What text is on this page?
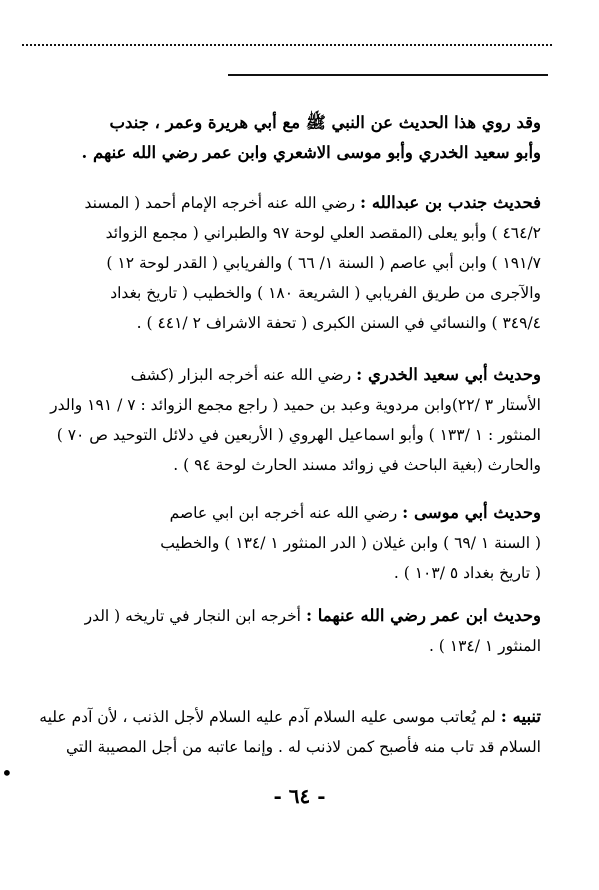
وقد روي هذا الحديث عن النبي ﷺ مع أبي هريرة وعمر ، جندب
وأبو سعيد الخدري وأبو موسى الاشعري وابن عمر رضي الله عنهم .
فحديث جندب بن عبدالله : رضي الله عنه أخرجه الإمام أحمد ( المسند
٤٦٤/٢ ) وأبو يعلى (المقصد العلي لوحة ٩٧ والطبراني ( مجمع الزوائد
١٩١/٧ ) وابن أبي عاصم ( السنة ١/ ٦٦ ) والفريابي ( القدر لوحة ١٢ )
والآجرى من طريق الفريابي ( الشريعة ١٨٠ ) والخطيب ( تاريخ بغداد
٣٤٩/٤ ) والنسائي في السنن الكبرى ( تحفة الاشراف ٢ /٤٤١ ) .
وحديث أبي سعيد الخدري : رضي الله عنه أخرجه البزار (كشف
الأستار ٣ /٢٢)وابن مردوية وعبد بن حميد ( راجع مجمع الزوائد : ٧ / ١٩١ والدر
المنثور : ١ /١٣٣ ) وأبو اسماعيل الهروي ( الأربعين في دلائل التوحيد ص ٧٠ )
والحارث (بغية الباحث في زوائد مسند الحارث لوحة ٩٤ ) .
وحديث أبي موسى : رضي الله عنه أخرجه ابن ابي عاصم
( السنة ١ /٦٩ ) وابن غيلان ( الدر المنثور ١ /١٣٤ ) والخطيب
( تاريخ بغداد ٥ /١٠٣ ) .
وحديث ابن عمر رضي الله عنهما : أخرجه ابن النجار في تاريخه ( الدر
المنثور ١ /١٣٤ ) .
تنبيه : لم يُعاتب موسى عليه السلام آدم عليه السلام لأجل الذنب ، لأن آدم عليه
السلام قد تاب منه فأصبح كمن لاذنب له . وإنما عاتبه من أجل المصيبة التي
•
- ٦٤ -
